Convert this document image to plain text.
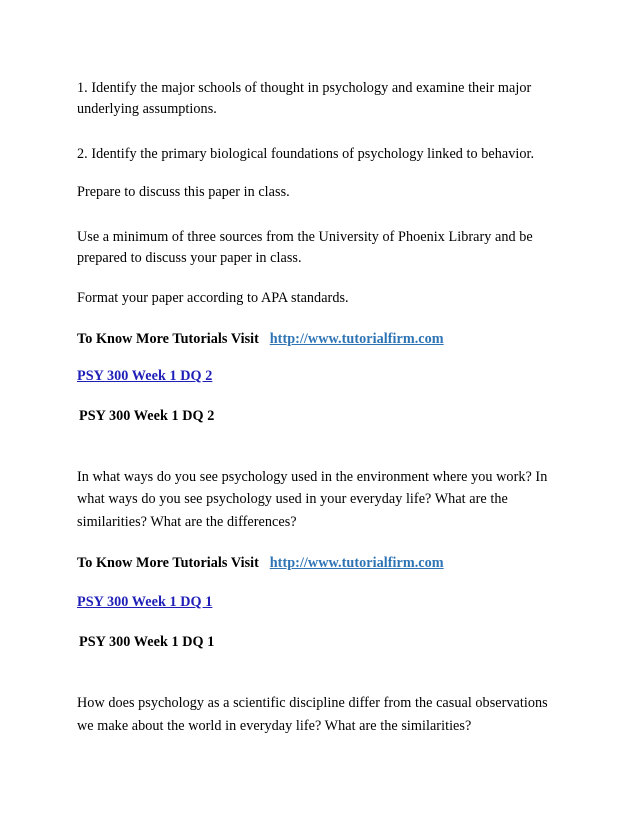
1. Identify the major schools of thought in psychology and examine their major
underlying assumptions.
2. Identify the primary biological foundations of psychology linked to behavior.
Prepare to discuss this paper in class.
Use a minimum of three sources from the University of Phoenix Library and be
prepared to discuss your paper in class.
Format your paper according to APA standards.
To Know More Tutorials Visit http://www.tutorialfirm.com
PSY 300 Week 1 DQ 2
PSY 300 Week 1 DQ 2
In what ways do you see psychology used in the environment where you work? In
what ways do you see psychology used in your everyday life? What are the
similarities? What are the differences?
To Know More Tutorials Visit http://www.tutorialfirm.com
PSY 300 Week 1 DQ 1
PSY 300 Week 1 DQ 1
How does psychology as a scientific discipline differ from the casual observations
we make about the world in everyday life? What are the similarities?
